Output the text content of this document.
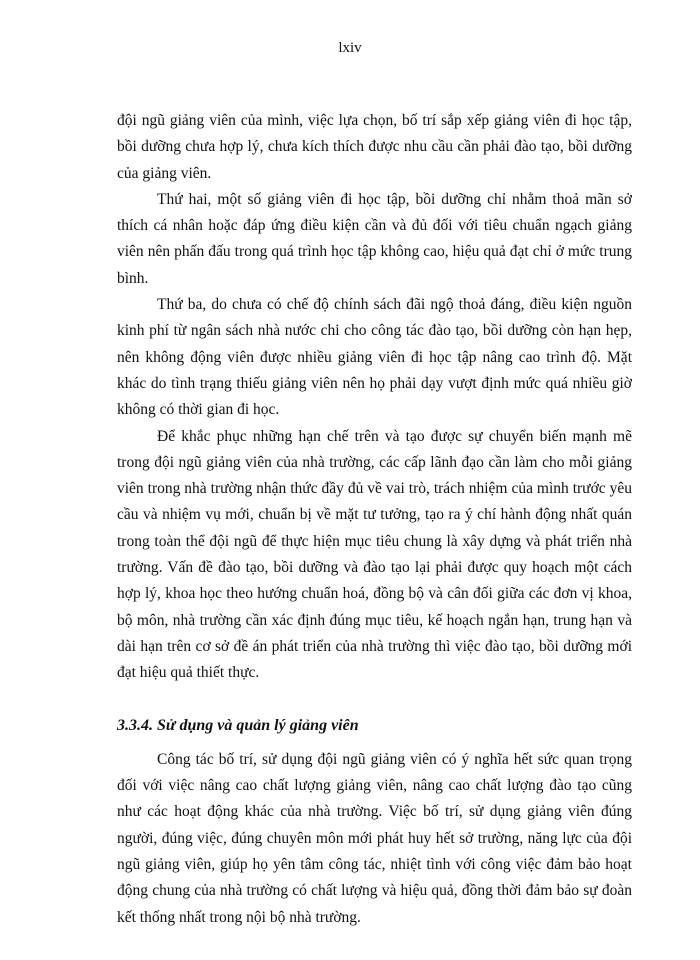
lxiv

đội ngũ giảng viên của mình, việc lựa chọn, bố trí sắp xếp giảng viên đi học tập, bồi dưỡng chưa hợp lý, chưa kích thích được nhu cầu cần phải đào tạo, bồi dưỡng của giảng viên.

Thứ hai, một số giảng viên đi học tập, bồi dưỡng chỉ nhằm thoả mãn sở thích cá nhân hoặc đáp ứng điều kiện cần và đủ đối với tiêu chuẩn ngạch giảng viên nên phấn đấu trong quá trình học tập không cao, hiệu quả đạt chỉ ở mức trung bình.

Thứ ba, do chưa có chế độ chính sách đãi ngộ thoả đáng, điều kiện nguồn kinh phí từ ngân sách nhà nước chi cho công tác đào tạo, bồi dưỡng còn hạn hẹp, nên không động viên được nhiều giảng viên đi học tập nâng cao trình độ. Mặt khác do tình trạng thiếu giảng viên nên họ phải dạy vượt định mức quá nhiều giờ không có thời gian đi học.

Để khắc phục những hạn chế trên và tạo được sự chuyển biến mạnh mẽ trong đội ngũ giảng viên của nhà trường, các cấp lãnh đạo cần làm cho mỗi giảng viên trong nhà trường nhận thức đầy đủ về vai trò, trách nhiệm của mình trước yêu cầu và nhiệm vụ mới, chuẩn bị về mặt tư tưởng, tạo ra ý chí hành động nhất quán trong toàn thể đội ngũ để thực hiện mục tiêu chung là xây dựng và phát triển nhà trường. Vấn đề đào tạo, bồi dưỡng và đào tạo lại phải được quy hoạch một cách hợp lý, khoa học theo hướng chuẩn hoá, đồng bộ và cân đối giữa các đơn vị khoa, bộ môn, nhà trường cần xác định đúng mục tiêu, kế hoạch ngắn hạn, trung hạn và dài hạn trên cơ sở đề án phát triển của nhà trường thì việc đào tạo, bồi dưỡng mới đạt hiệu quả thiết thực.

3.3.4. Sử dụng và quản lý giảng viên

Công tác bố trí, sử dụng đội ngũ giảng viên có ý nghĩa hết sức quan trọng đối với việc nâng cao chất lượng giảng viên, nâng cao chất lượng đào tạo cũng như các hoạt động khác của nhà trường. Việc bố trí, sử dụng giảng viên đúng người, đúng việc, đúng chuyên môn mới phát huy hết sở trường, năng lực của đội ngũ giảng viên, giúp họ yên tâm công tác, nhiệt tình với công việc đảm bảo hoạt động chung của nhà trường có chất lượng và hiệu quả, đồng thời đảm bảo sự đoàn kết thống nhất trong nội bộ nhà trường.
